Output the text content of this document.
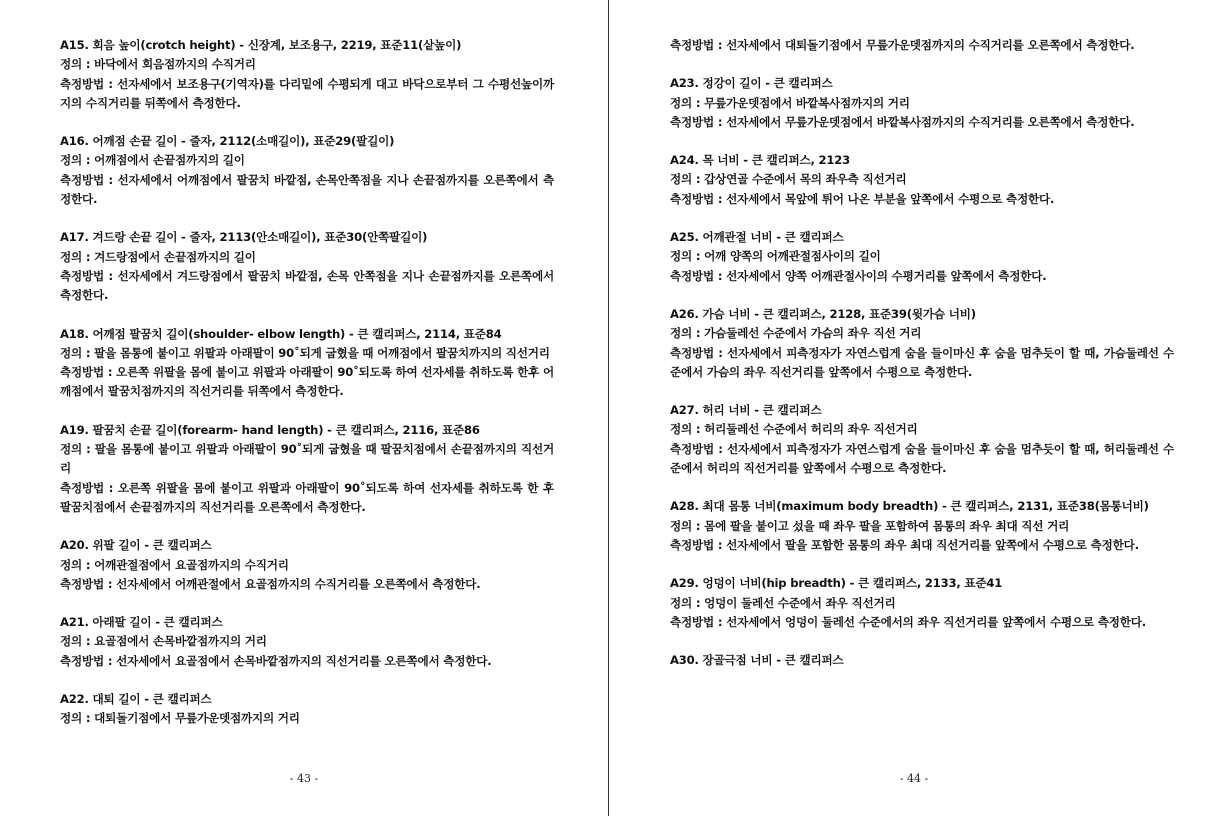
A15. 회음 높이(crotch height) - 신장계, 보조용구, 2219, 표준11(샅높이)
정의 : 바닥에서 회음점까지의 수직거리
측정방법 : 선자세에서 보조용구(기역자)를 다리밑에 수평되게 대고 바닥으로부터 그 수평선높이까지의 수직거리를 뒤쪽에서 측정한다.
A16. 어깨점 손끝 길이 - 줄자, 2112(소매길이), 표준29(팔길이)
정의 : 어깨점에서 손끝점까지의 길이
측정방법 : 선자세에서 어깨점에서 팔꿈치 바깥점, 손목안쪽점을 지나 손끝점까지를 오른쪽에서 측정한다.
A17. 겨드랑 손끝 길이 - 줄자, 2113(안소매길이), 표준30(안쪽팔길이)
정의 : 겨드랑점에서 손끝점까지의 길이
측정방법 : 선자세에서 겨드랑점에서 팔꿈치 바깥점, 손목 안쪽점을 지나 손끝점까지를 오른쪽에서 측정한다.
A18. 어깨점 팔꿈치 길이(shoulder- elbow length) - 큰 캘리퍼스, 2114, 표준84
정의 : 팔을 몸통에 붙이고 위팔과 아래팔이 90˚되게 굽혔을 때 어깨점에서 팔꿈치까지의 직선거리
측정방법 : 오른쪽 위팔을 몸에 붙이고 위팔과 아래팔이 90˚되도록 하여 선자세를 취하도록 한후 어깨점에서 팔꿈치점까지의 직선거리를 뒤쪽에서 측정한다.
A19. 팔꿈치 손끝 길이(forearm- hand length) - 큰 캘리퍼스, 2116, 표준86
정의 : 팔을 몸통에 붙이고 위팔과 아래팔이 90˚되게 굽혔을 때 팔꿈치점에서 손끝점까지의 직선거리
측정방법 : 오른쪽 위팔을 몸에 붙이고 위팔과 아래팔이 90˚되도록 하여 선자세를 취하도록 한 후 팔꿈치점에서 손끝점까지의 직선거리를 오른쪽에서 측정한다.
A20. 위팔 길이 - 큰 캘리퍼스
정의 : 어깨관절점에서 요골점까지의 수직거리
측정방법 : 선자세에서 어깨관절에서 요골점까지의 수직거리를 오른쪽에서 측정한다.
A21. 아래팔 길이 - 큰 캘리퍼스
정의 : 요골점에서 손목바깥점까지의 거리
측정방법 : 선자세에서 요골점에서 손목바깥점까지의 직선거리를 오른쪽에서 측정한다.
A22. 대퇴 길이 - 큰 캘리퍼스
정의 : 대퇴돌기점에서 무릎가운뎃점까지의 거리
- 43 -
측정방법 : 선자세에서 대퇴돌기점에서 무릎가운뎃점까지의 수직거리를 오른쪽에서 측정한다.
A23. 정강이 길이 - 큰 캘리퍼스
정의 : 무릎가운뎃점에서 바깥복사점까지의 거리
측정방법 : 선자세에서 무릎가운뎃점에서 바깥복사점까지의 수직거리를 오른쪽에서 측정한다.
A24. 목 너비 - 큰 캘리퍼스, 2123
정의 : 갑상연골 수준에서 목의 좌우측 직선거리
측정방법 : 선자세에서 목앞에 튀어 나온 부분을 앞쪽에서 수평으로 측정한다.
A25. 어깨관절 너비 - 큰 캘리퍼스
정의 : 어깨 양쪽의 어깨관절점사이의 길이
측정방법 : 선자세에서 양쪽 어깨관절사이의 수평거리를 앞쪽에서 측정한다.
A26. 가슴 너비 - 큰 캘리퍼스, 2128, 표준39(윗가슴 너비)
정의 : 가슴둘레선 수준에서 가슴의 좌우 직선 거리
측정방법 : 선자세에서 피측정자가 자연스럽게 숨을 들이마신 후 숨을 멈추듯이 할 때, 가슴둘레선 수준에서 가슴의 좌우 직선거리를 앞쪽에서 수평으로 측정한다.
A27. 허리 너비 - 큰 캘리퍼스
정의 : 허리둘레선 수준에서 허리의 좌우 직선거리
측정방법 : 선자세에서 피측정자가 자연스럽게 숨을 들이마신 후 숨을 멈추듯이 할 때, 허리둘레선 수준에서 허리의 직선거리를 앞쪽에서 수평으로 측정한다.
A28. 최대 몸통 너비(maximum body breadth) - 큰 캘리퍼스, 2131, 표준38(몸통너비)
정의 : 몸에 팔을 붙이고 섰을 때 좌우 팔을 포함하여 몸통의 좌우 최대 직선 거리
측정방법 : 선자세에서 팔을 포함한 몸통의 좌우 최대 직선거리를 앞쪽에서 수평으로 측정한다.
A29. 엉덩이 너비(hip breadth) - 큰 캘리퍼스, 2133, 표준41
정의 : 엉덩이 둘레선 수준에서 좌우 직선거리
측정방법 : 선자세에서 엉덩이 둘레선 수준에서의 좌우 직선거리를 앞쪽에서 수평으로 측정한다.
A30. 장골극점 너비 - 큰 캘리퍼스
- 44 -
